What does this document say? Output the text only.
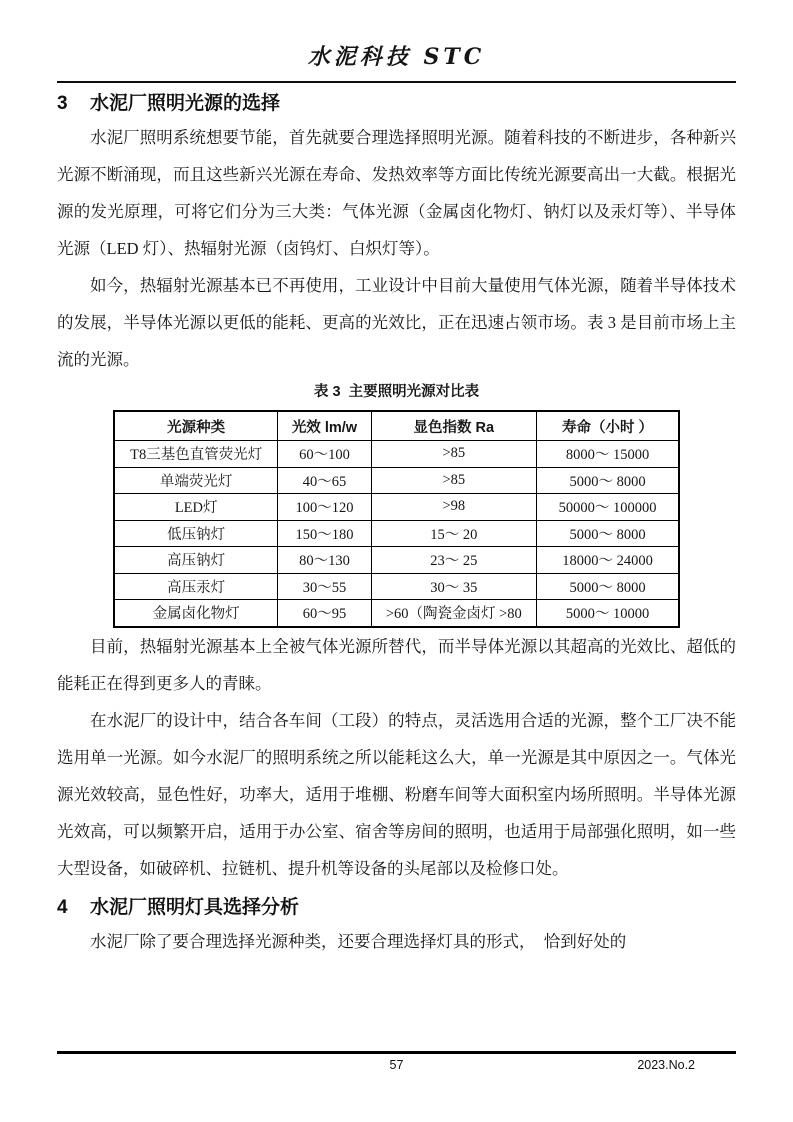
水泥科技 STC
3 水泥厂照明光源的选择

水泥厂照明系统想要节能，首先就要合理选择照明光源。随着科技的不断进步，各种新兴光源不断涌现，而且这些新兴光源在寿命、发热效率等方面比传统光源要高出一大截。根据光源的发光原理，可将它们分为三大类：气体光源（金属卤化物灯、钠灯以及汞灯等）、半导体光源（LED 灯）、热辐射光源（卤钨灯、白炽灯等）。

如今，热辐射光源基本已不再使用，工业设计中目前大量使用气体光源，随着半导体技术的发展，半导体光源以更低的能耗、更高的光效比，正在迅速占领市场。表 3 是目前市场上主流的光源。

表 3  主要照明光源对比表
光源种类	光效 lm/w	显色指数 Ra	寿命（小时 ）
T8三基色直管荧光灯	60～100	>85	8000～ 15000
单端荧光灯	40～65	>85	5000～ 8000
LED灯	100～120	>98	50000～ 100000
低压钠灯	150～180	15～ 20	5000～ 8000
高压钠灯	80～130	23～ 25	18000～ 24000
高压汞灯	30～55	30～ 35	5000～ 8000
金属卤化物灯	60～95	>60（陶瓷金卤灯 >80	5000～ 10000

目前，热辐射光源基本上全被气体光源所替代，而半导体光源以其超高的光效比、超低的能耗正在得到更多人的青睐。

在水泥厂的设计中，结合各车间（工段）的特点，灵活选用合适的光源，整个工厂决不能选用单一光源。如今水泥厂的照明系统之所以能耗这么大，单一光源是其中原因之一。气体光源光效较高，显色性好，功率大，适用于堆棚、粉磨车间等大面积室内场所照明。半导体光源光效高，可以频繁开启，适用于办公室、宿舍等房间的照明，也适用于局部强化照明，如一些大型设备，如破碎机、拉链机、提升机等设备的头尾部以及检修口处。

4 水泥厂照明灯具选择分析

水泥厂除了要合理选择光源种类，还要合理选择灯具的形式，　恰到好处的

57	2023.No.2
